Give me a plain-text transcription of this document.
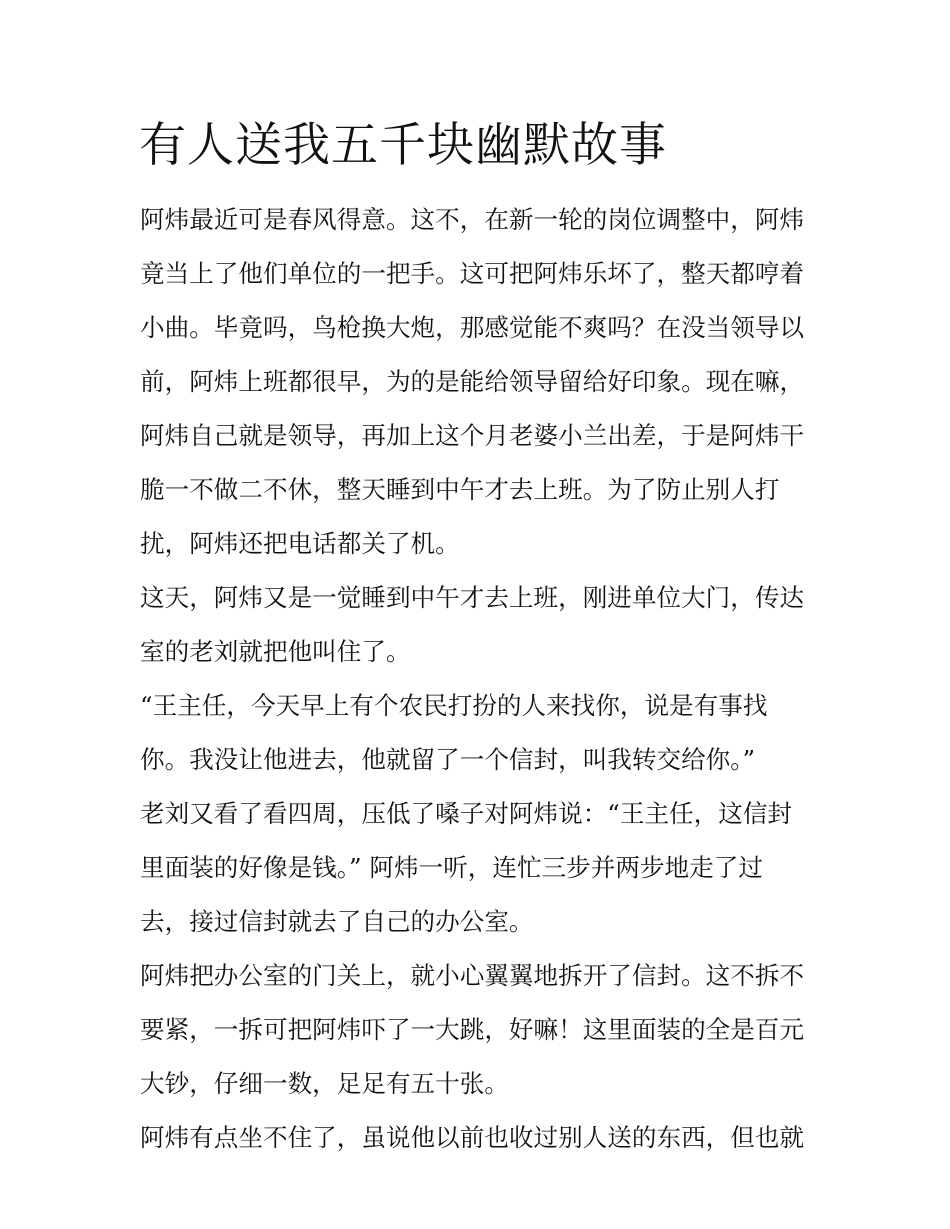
有人送我五千块幽默故事
阿炜最近可是春风得意。这不，在新一轮的岗位调整中，阿炜
竟当上了他们单位的一把手。这可把阿炜乐坏了，整天都哼着
小曲。毕竟吗，鸟枪换大炮，那感觉能不爽吗？在没当领导以
前，阿炜上班都很早，为的是能给领导留给好印象。现在嘛，
阿炜自己就是领导，再加上这个月老婆小兰出差，于是阿炜干
脆一不做二不休，整天睡到中午才去上班。为了防止别人打
扰，阿炜还把电话都关了机。
这天，阿炜又是一觉睡到中午才去上班，刚进单位大门，传达
室的老刘就把他叫住了。
“王主任，今天早上有个农民打扮的人来找你，说是有事找
你。我没让他进去，他就留了一个信封，叫我转交给你。”
老刘又看了看四周，压低了嗓子对阿炜说：“王主任，这信封
里面装的好像是钱。” 阿炜一听，连忙三步并两步地走了过
去，接过信封就去了自己的办公室。
阿炜把办公室的门关上，就小心翼翼地拆开了信封。这不拆不
要紧，一拆可把阿炜吓了一大跳，好嘛！这里面装的全是百元
大钞，仔细一数，足足有五十张。
阿炜有点坐不住了，虽说他以前也收过别人送的东西，但也就
